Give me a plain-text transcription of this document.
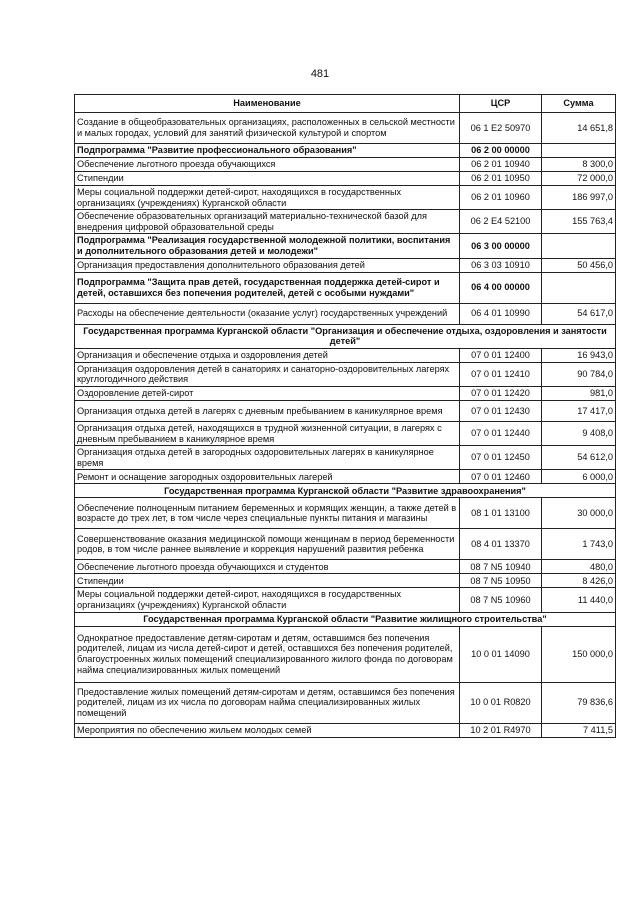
481
Наименование	ЦСР	Сумма
Создание в общеобразовательных организациях, расположенных в сельской местности и малых городах, условий для занятий физической культурой и спортом	06 1 E2 50970	14 651,8
Подпрограмма "Развитие профессионального образования"	06 2 00 00000	
Обеспечение льготного проезда обучающихся	06 2 01 10940	8 300,0
Стипендии	06 2 01 10950	72 000,0
Меры социальной поддержки детей-сирот, находящихся в государственных организациях (учреждениях) Курганской области	06 2 01 10960	186 997,0
Обеспечение образовательных организаций материально-технической базой для внедрения цифровой образовательной среды	06 2 E4 52100	155 763,4
Подпрограмма "Реализация государственной молодежной политики, воспитания и дополнительного образования детей и молодежи"	06 3 00 00000	
Организация предоставления дополнительного образования детей	06 3 03 10910	50 456,0
Подпрограмма "Защита прав детей, государственная поддержка детей-сирот и детей, оставшихся без попечения родителей, детей с особыми нуждами"	06 4 00 00000	
Расходы на обеспечение деятельности (оказание услуг) государственных учреждений	06 4 01 10990	54 617,0
Государственная программа Курганской области "Организация и обеспечение отдыха, оздоровления и занятости детей"		
Организация и обеспечение отдыха и оздоровления детей	07 0 01 12400	16 943,0
Организация оздоровления детей в санаториях и санаторно-оздоровительных лагерях круглогодичного действия	07 0 01 12410	90 784,0
Оздоровление детей-сирот	07 0 01 12420	981,0
Организация отдыха детей в лагерях с дневным пребыванием в каникулярное время	07 0 01 12430	17 417,0
Организация отдыха детей, находящихся в трудной жизненной ситуации, в лагерях с дневным пребыванием в каникулярное время	07 0 01 12440	9 408,0
Организация отдыха детей в загородных оздоровительных лагерях в каникулярное время	07 0 01 12450	54 612,0
Ремонт и оснащение загородных оздоровительных лагерей	07 0 01 12460	6 000,0
Государственная программа Курганской области "Развитие здравоохранения"		
Обеспечение полноценным питанием беременных и кормящих женщин, а также детей в возрасте до трех лет, в том числе через специальные пункты питания и магазины	08 1 01 13100	30 000,0
Совершенствование оказания медицинской помощи женщинам в период беременности родов, в том числе раннее выявление и коррекция нарушений развития ребенка	08 4 01 13370	1 743,0
Обеспечение льготного проезда обучающихся и студентов	08 7 N5 10940	480,0
Стипендии	08 7 N5 10950	8 426,0
Меры социальной поддержки детей-сирот, находящихся в государственных организациях (учреждениях) Курганской области	08 7 N5 10960	11 440,0
Государственная программа Курганской области "Развитие жилищного строительства"		
Однократное предоставление детям-сиротам и детям, оставшимся без попечения родителей, лицам из числа детей-сирот и детей, оставшихся без попечения родителей, благоустроенных жилых помещений специализированного жилого фонда по договорам найма специализированных жилых помещений	10 0 01 14090	150 000,0
Предоставление жилых помещений детям-сиротам и детям, оставшимся без попечения родителей, лицам из их числа по договорам найма специализированных жилых помещений	10 0 01 R0820	79 836,6
Мероприятия по обеспечению жильем молодых семей	10 2 01 R4970	7 411,5
